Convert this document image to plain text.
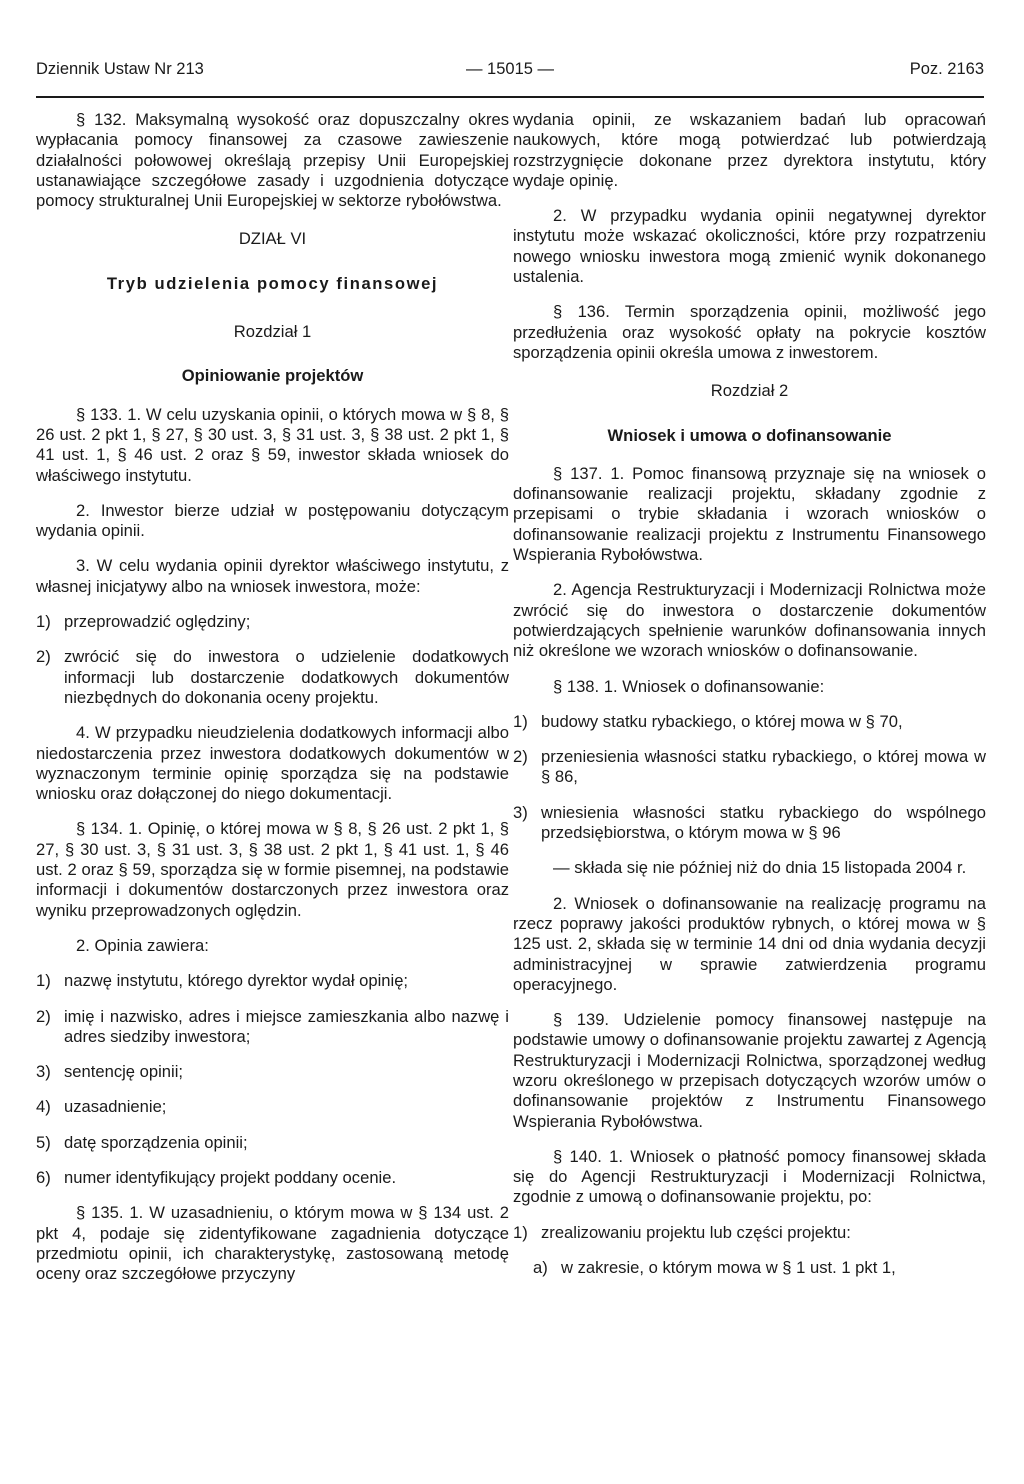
Dziennik Ustaw Nr 213	— 15015 —	Poz. 2163

§ 132. Maksymalną wysokość oraz dopuszczalny okres wypłacania pomocy finansowej za czasowe zawieszenie działalności połowowej określają przepisy Unii Europejskiej ustanawiające szczegółowe zasady i uzgodnienia dotyczące pomocy strukturalnej Unii Europejskiej w sektorze rybołówstwa.

DZIAŁ VI
Tryb udzielenia pomocy finansowej
Rozdział 1
Opiniowanie projektów

§ 133. 1. W celu uzyskania opinii, o których mowa w § 8, § 26 ust. 2 pkt 1, § 27, § 30 ust. 3, § 31 ust. 3, § 38 ust. 2 pkt 1, § 41 ust. 1, § 46 ust. 2 oraz § 59, inwestor składa wniosek do właściwego instytutu.

2. Inwestor bierze udział w postępowaniu dotyczącym wydania opinii.

3. W celu wydania opinii dyrektor właściwego instytutu, z własnej inicjatywy albo na wniosek inwestora, może:

1) przeprowadzić oględziny;
2) zwrócić się do inwestora o udzielenie dodatkowych informacji lub dostarczenie dodatkowych dokumentów niezbędnych do dokonania oceny projektu.

4. W przypadku nieudzielenia dodatkowych informacji albo niedostarczenia przez inwestora dodatkowych dokumentów w wyznaczonym terminie opinię sporządza się na podstawie wniosku oraz dołączonej do niego dokumentacji.

§ 134. 1. Opinię, o której mowa w § 8, § 26 ust. 2 pkt 1, § 27, § 30 ust. 3, § 31 ust. 3, § 38 ust. 2 pkt 1, § 41 ust. 1, § 46 ust. 2 oraz § 59, sporządza się w formie pisemnej, na podstawie informacji i dokumentów dostarczonych przez inwestora oraz wyniku przeprowadzonych oględzin.

2. Opinia zawiera:

1) nazwę instytutu, którego dyrektor wydał opinię;
2) imię i nazwisko, adres i miejsce zamieszkania albo nazwę i adres siedziby inwestora;
3) sentencję opinii;
4) uzasadnienie;
5) datę sporządzenia opinii;
6) numer identyfikujący projekt poddany ocenie.

§ 135. 1. W uzasadnieniu, o którym mowa w § 134 ust. 2 pkt 4, podaje się zidentyfikowane zagadnienia dotyczące przedmiotu opinii, ich charakterystykę, zastosowaną metodę oceny oraz szczegółowe przyczyny

wydania opinii, ze wskazaniem badań lub opracowań naukowych, które mogą potwierdzać lub potwierdzają rozstrzygnięcie dokonane przez dyrektora instytutu, który wydaje opinię.

2. W przypadku wydania opinii negatywnej dyrektor instytutu może wskazać okoliczności, które przy rozpatrzeniu nowego wniosku inwestora mogą zmienić wynik dokonanego ustalenia.

§ 136. Termin sporządzenia opinii, możliwość jego przedłużenia oraz wysokość opłaty na pokrycie kosztów sporządzenia opinii określa umowa z inwestorem.

Rozdział 2
Wniosek i umowa o dofinansowanie

§ 137. 1. Pomoc finansową przyznaje się na wniosek o dofinansowanie realizacji projektu, składany zgodnie z przepisami o trybie składania i wzorach wniosków o dofinansowanie realizacji projektu z Instrumentu Finansowego Wspierania Rybołówstwa.

2. Agencja Restrukturyzacji i Modernizacji Rolnictwa może zwrócić się do inwestora o dostarczenie dokumentów potwierdzających spełnienie warunków dofinansowania innych niż określone we wzorach wniosków o dofinansowanie.

§ 138. 1. Wniosek o dofinansowanie:

1) budowy statku rybackiego, o której mowa w § 70,
2) przeniesienia własności statku rybackiego, o której mowa w § 86,
3) wniesienia własności statku rybackiego do wspólnego przedsiębiorstwa, o którym mowa w § 96

— składa się nie później niż do dnia 15 listopada 2004 r.

2. Wniosek o dofinansowanie na realizację programu na rzecz poprawy jakości produktów rybnych, o której mowa w § 125 ust. 2, składa się w terminie 14 dni od dnia wydania decyzji administracyjnej w sprawie zatwierdzenia programu operacyjnego.

§ 139. Udzielenie pomocy finansowej następuje na podstawie umowy o dofinansowanie projektu zawartej z Agencją Restrukturyzacji i Modernizacji Rolnictwa, sporządzonej według wzoru określonego w przepisach dotyczących wzorów umów o dofinansowanie projektów z Instrumentu Finansowego Wspierania Rybołówstwa.

§ 140. 1. Wniosek o płatność pomocy finansowej składa się do Agencji Restrukturyzacji i Modernizacji Rolnictwa, zgodnie z umową o dofinansowanie projektu, po:

1) zrealizowaniu projektu lub części projektu:
a) w zakresie, o którym mowa w § 1 ust. 1 pkt 1,
